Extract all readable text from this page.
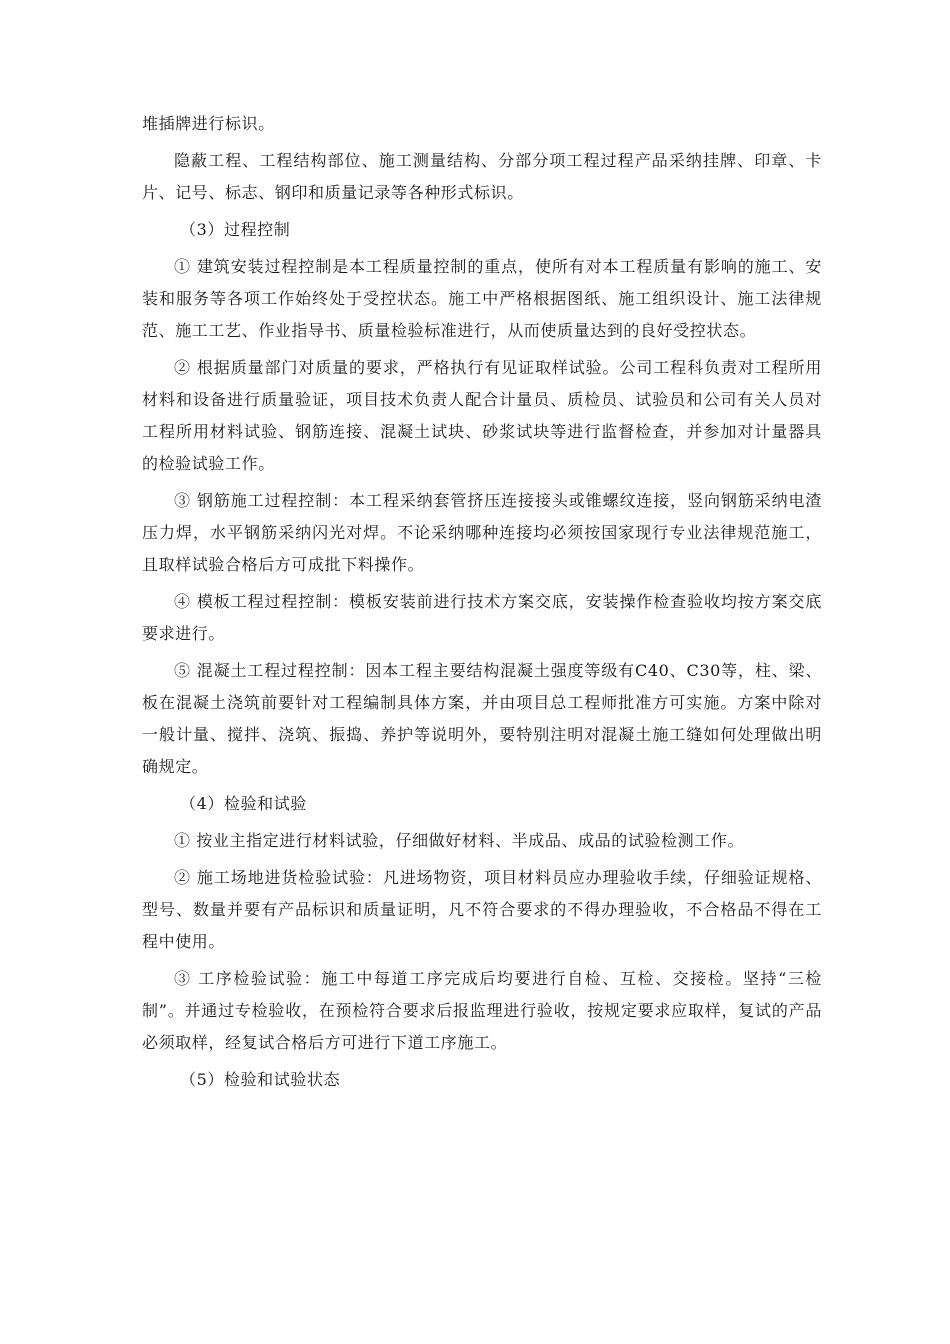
堆插牌进行标识。

隐蔽工程、工程结构部位、施工测量结构、分部分项工程过程产品采纳挂牌、印章、卡片、记号、标志、钢印和质量记录等各种形式标识。

（3）过程控制

① 建筑安装过程控制是本工程质量控制的重点，使所有对本工程质量有影响的施工、安装和服务等各项工作始终处于受控状态。施工中严格根据图纸、施工组织设计、施工法律规范、施工工艺、作业指导书、质量检验标准进行，从而使质量达到的良好受控状态。

② 根据质量部门对质量的要求，严格执行有见证取样试验。公司工程科负责对工程所用材料和设备进行质量验证，项目技术负责人配合计量员、质检员、试验员和公司有关人员对工程所用材料试验、钢筋连接、混凝土试块、砂浆试块等进行监督检查，并参加对计量器具的检验试验工作。

③ 钢筋施工过程控制：本工程采纳套管挤压连接接头或锥螺纹连接，竖向钢筋采纳电渣压力焊，水平钢筋采纳闪光对焊。不论采纳哪种连接均必须按国家现行专业法律规范施工，且取样试验合格后方可成批下料操作。

④ 模板工程过程控制：模板安装前进行技术方案交底，安装操作检查验收均按方案交底要求进行。

⑤ 混凝土工程过程控制：因本工程主要结构混凝土强度等级有C40、C30等，柱、梁、板在混凝土浇筑前要针对工程编制具体方案，并由项目总工程师批准方可实施。方案中除对一般计量、搅拌、浇筑、振捣、养护等说明外，要特别注明对混凝土施工缝如何处理做出明确规定。

（4）检验和试验

① 按业主指定进行材料试验，仔细做好材料、半成品、成品的试验检测工作。

② 施工场地进货检验试验：凡进场物资，项目材料员应办理验收手续，仔细验证规格、型号、数量并要有产品标识和质量证明，凡不符合要求的不得办理验收，不合格品不得在工程中使用。

③ 工序检验试验：施工中每道工序完成后均要进行自检、互检、交接检。坚持“三检制”。并通过专检验收，在预检符合要求后报监理进行验收，按规定要求应取样，复试的产品必须取样，经复试合格后方可进行下道工序施工。

（5）检验和试验状态
